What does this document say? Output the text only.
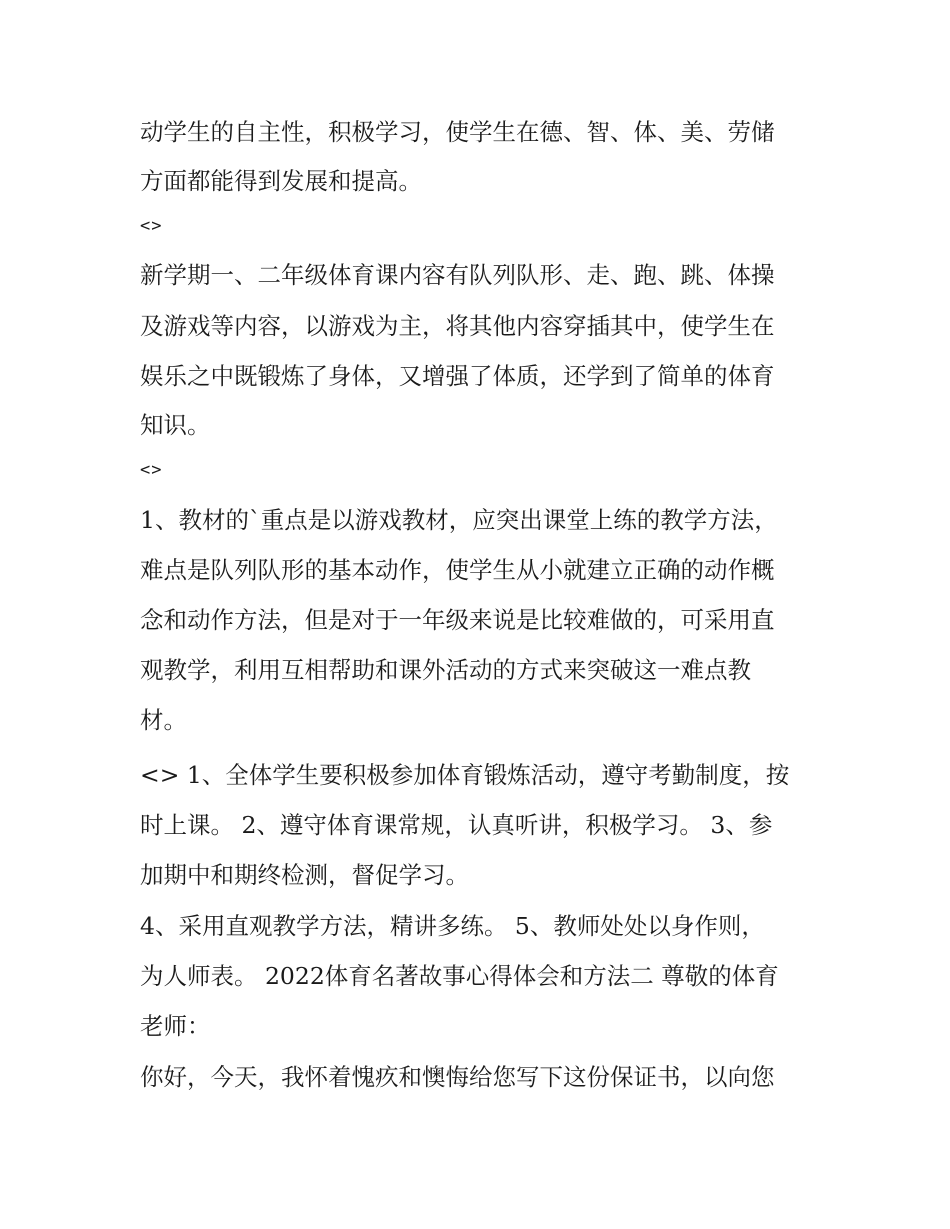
动学生的自主性，积极学习，使学生在德、智、体、美、劳储
方面都能得到发展和提高。
<>
新学期一、二年级体育课内容有队列队形、走、跑、跳、体操
及游戏等内容，以游戏为主，将其他内容穿插其中，使学生在
娱乐之中既锻炼了身体，又增强了体质，还学到了简单的体育
知识。
<>
1、教材的`重点是以游戏教材，应突出课堂上练的教学方法，
难点是队列队形的基本动作，使学生从小就建立正确的动作概
念和动作方法，但是对于一年级来说是比较难做的，可采用直
观教学，利用互相帮助和课外活动的方式来突破这一难点教
材。
<> 1、全体学生要积极参加体育锻炼活动，遵守考勤制度，按
时上课。 2、遵守体育课常规，认真听讲，积极学习。 3、参
加期中和期终检测，督促学习。
4、采用直观教学方法，精讲多练。 5、教师处处以身作则，
为人师表。 2022体育名著故事心得体会和方法二 尊敬的体育
老师：
你好，今天，我怀着愧疚和懊悔给您写下这份保证书，以向您
